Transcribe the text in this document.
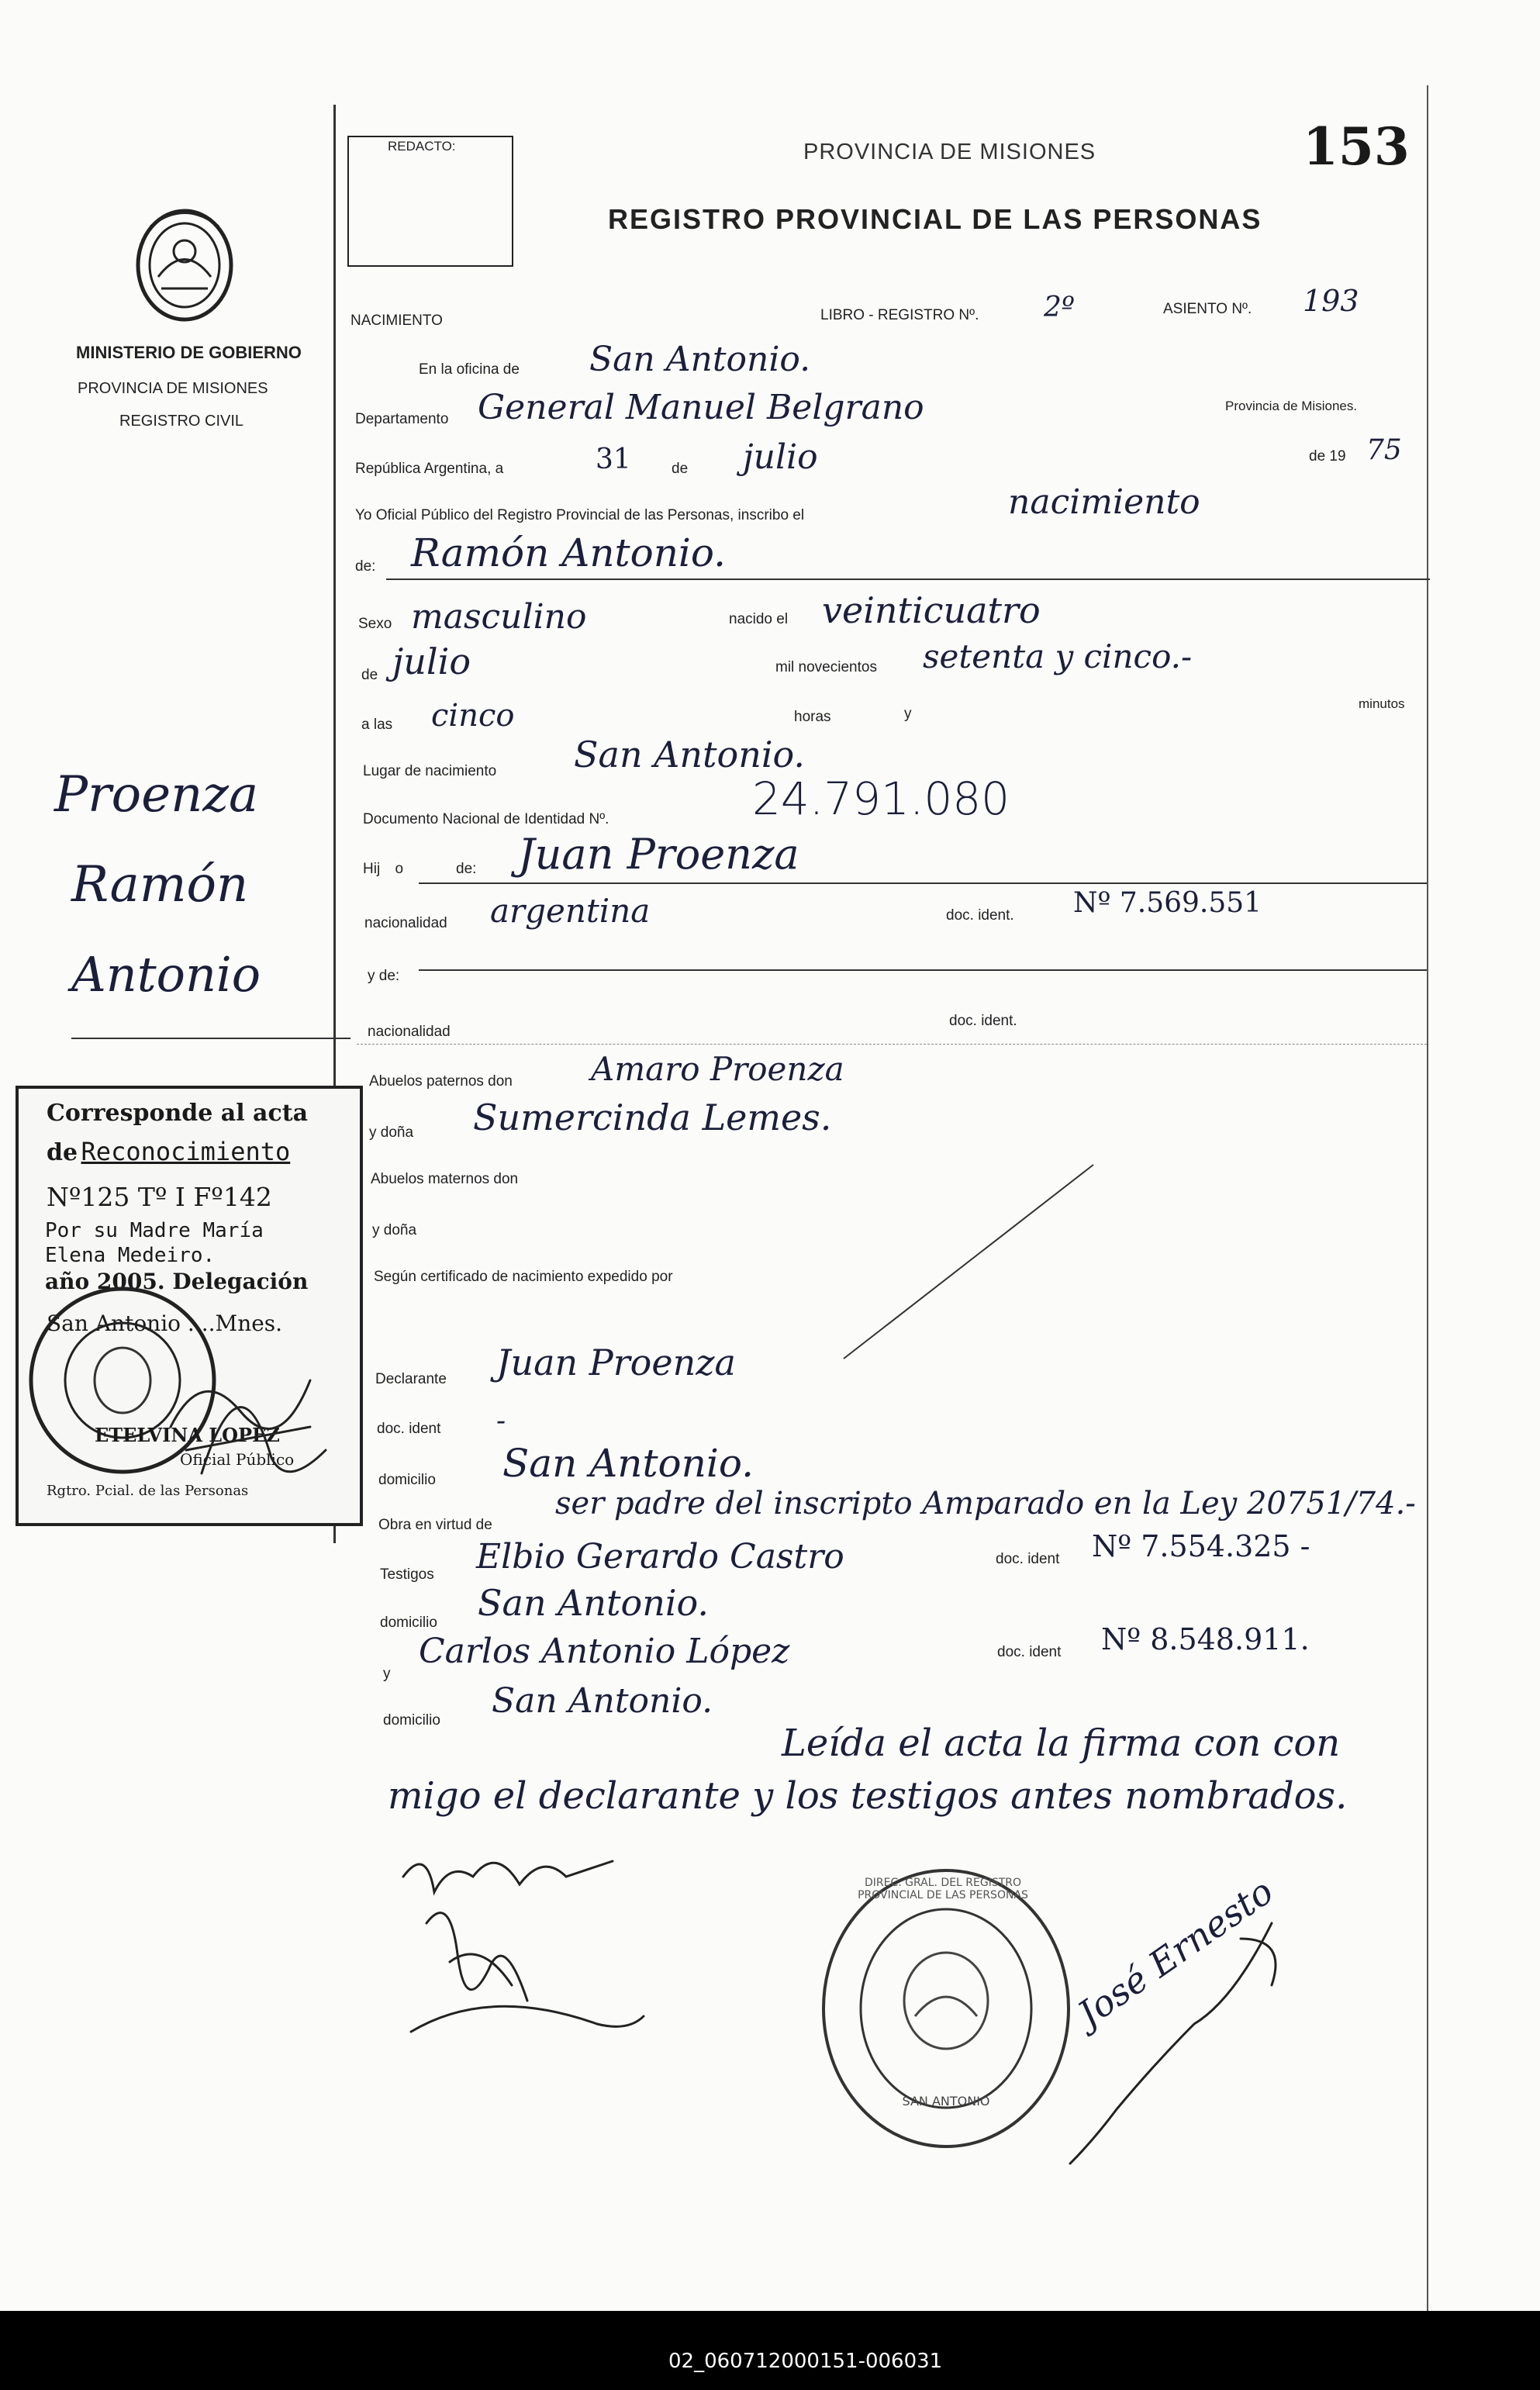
REDACTO:	PROVINCIA DE MISIONES	153
REGISTRO PROVINCIAL DE LAS PERSONAS
MINISTERIO DE GOBIERNO
PROVINCIA DE MISIONES
REGISTRO CIVIL
Proenza
Ramón
Antonio
Corresponde al acta
de Reconocimiento
Nº125 Tº I Fº142
Por su Madre María
Elena Medeiro.
año 2005. Delegación
San Antonio ....Mnes.
ETELVINA LOPEZ
Oficial Público
Rgtro. Pcial. de las Personas
NACIMIENTO	LIBRO - REGISTRO Nº. 2º	ASIENTO Nº. 193
En la oficina de San Antonio.
Departamento General Manuel Belgrano	Provincia de Misiones.
República Argentina, a	31	de julio	de 19 75
Yo Oficial Público del Registro Provincial de las Personas, inscribo el	nacimiento
de: Ramón Antonio.
Sexo masculino	nacido el veinticuatro
de julio	mil novecientos setenta y cinco.-
a las cinco	horas	y
minutos
Lugar de nacimiento San Antonio.
Documento Nacional de Identidad Nº.	24.791.080
Hij o	de: Juan Proenza
nacionalidad argentina	doc. ident. Nº 7.569.551
y de:
nacionalidad
doc. ident.
Abuelos paternos don Amaro Proenza
y doña Sumercinda Lemes.
Abuelos maternos don
y doña
Según certificado de nacimiento expedido por
Declarante Juan Proenza
doc. ident -
domicilio San Antonio.
Obra en virtud de
ser padre del inscripto Amparado en la Ley 20751/74.-
Testigos Elbio Gerardo Castro	doc. ident Nº 7.554.325 -
domicilio San Antonio.
y
Carlos Antonio López	doc. ident Nº 8.548.911.
domicilio San Antonio.
Leída el acta la firma con con
migo el declarante y los testigos antes nombrados.
DIREC. GRAL. DEL REGISTRO PROVINCIAL DE LAS PERSONAS
SAN ANTONIO
José Ernesto
02_060712000151-006031
